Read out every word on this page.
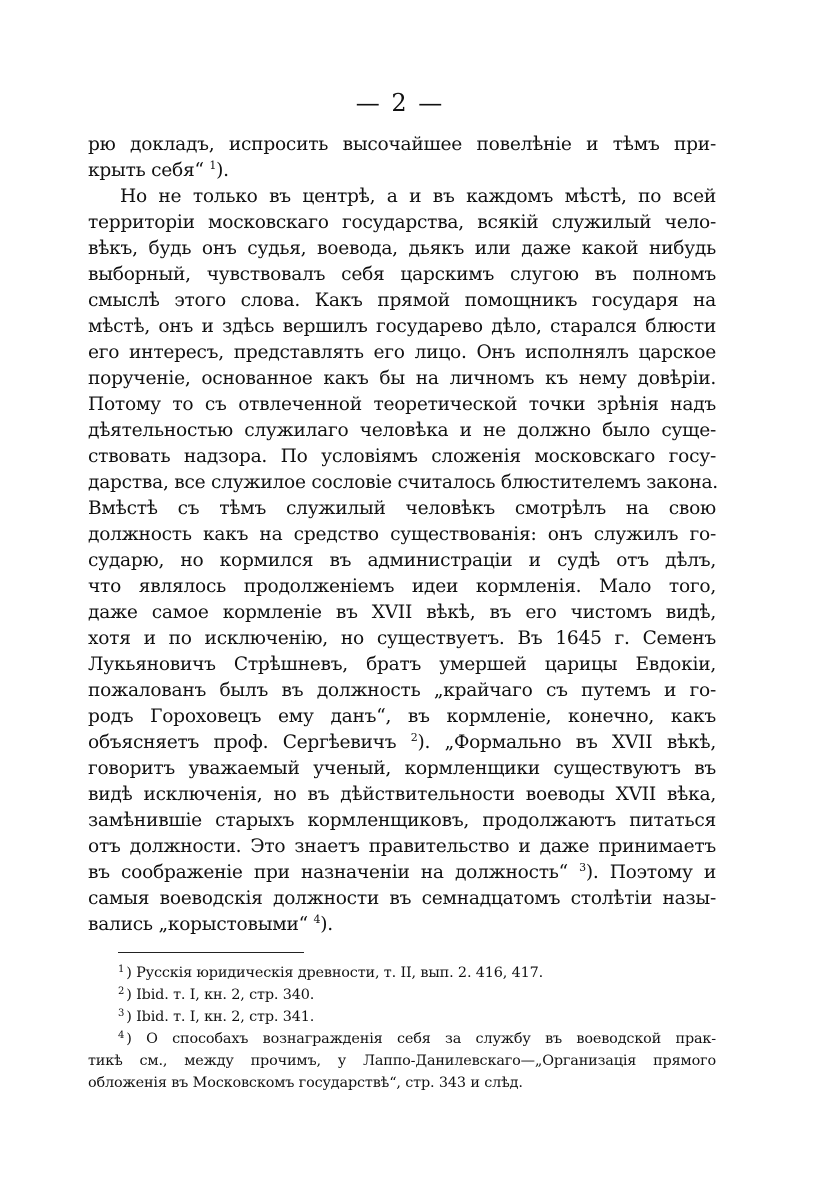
— 2 —
рю докладъ, испросить высочайшее повелѣніе и тѣмъ при-
крыть себя“ $^1$).
Но не только въ центрѣ, а и въ каждомъ мѣстѣ, по всей
территоріи московскаго государства, всякій служилый чело-
вѣкъ, будь онъ судья, воевода, дьякъ или даже какой нибудь
выборный, чувствовалъ себя царскимъ слугою въ полномъ
смыслѣ этого слова. Какъ прямой помощникъ государя на
мѣстѣ, онъ и здѣсь вершилъ государево дѣло, старался блюсти
его интересъ, представлять его лицо. Онъ исполнялъ царское
порученіе, основанное какъ бы на личномъ къ нему довѣріи.
Потому то съ отвлеченной теоретической точки зрѣнія надъ
дѣятельностью служилаго человѣка и не должно было суще-
ствовать надзора. По условіямъ сложенія московскаго госу-
дарства, все служилое сословіе считалось блюстителемъ закона.
Вмѣстѣ съ тѣмъ служилый человѣкъ смотрѣлъ на свою
должность какъ на средство существованія: онъ служилъ го-
сударю, но кормился въ администраціи и судѣ отъ дѣлъ,
что являлось продолженіемъ идеи кормленія. Мало того,
даже самое кормленіе въ XVII вѣкѣ, въ его чистомъ видѣ,
хотя и по исключенію, но существуетъ. Въ 1645 г. Семенъ
Лукьяновичъ Стрѣшневъ, братъ умершей царицы Евдокіи,
пожалованъ былъ въ должность „крайчаго съ путемъ и го-
родъ Гороховецъ ему данъ“, въ кормленіе, конечно, какъ
объясняетъ проф. Сергѣевичъ $^2$). „Формально въ XVII вѣкѣ,
говоритъ уважаемый ученый, кормленщики существуютъ въ
видѣ исключенія, но въ дѣйствительности воеводы XVII вѣка,
замѣнившіе старыхъ кормленщиковъ, продолжаютъ питаться
отъ должности. Это знаетъ правительство и даже принимаетъ
въ соображеніе при назначеніи на должность“ $^3$). Поэтому и
самыя воеводскія должности въ семнадцатомъ столѣтіи назы-
вались „корыстовыми“ $^4$).
$^1$ ) Русскія юридическія древности, т. II, вып. 2. 416, 417.
$^2$ ) Ibid. т. I, кн. 2, стр. 340.
$^3$ ) Ibid. т. I, кн. 2, стр. 341.
$^4$ ) О способахъ вознагражденія себя за службу въ воеводской прак-
тикѣ см., между прочимъ, у Лаппо-Данилевскаго—„Организація прямого
обложенія въ Московскомъ государствѣ“, стр. 343 и слѣд.
